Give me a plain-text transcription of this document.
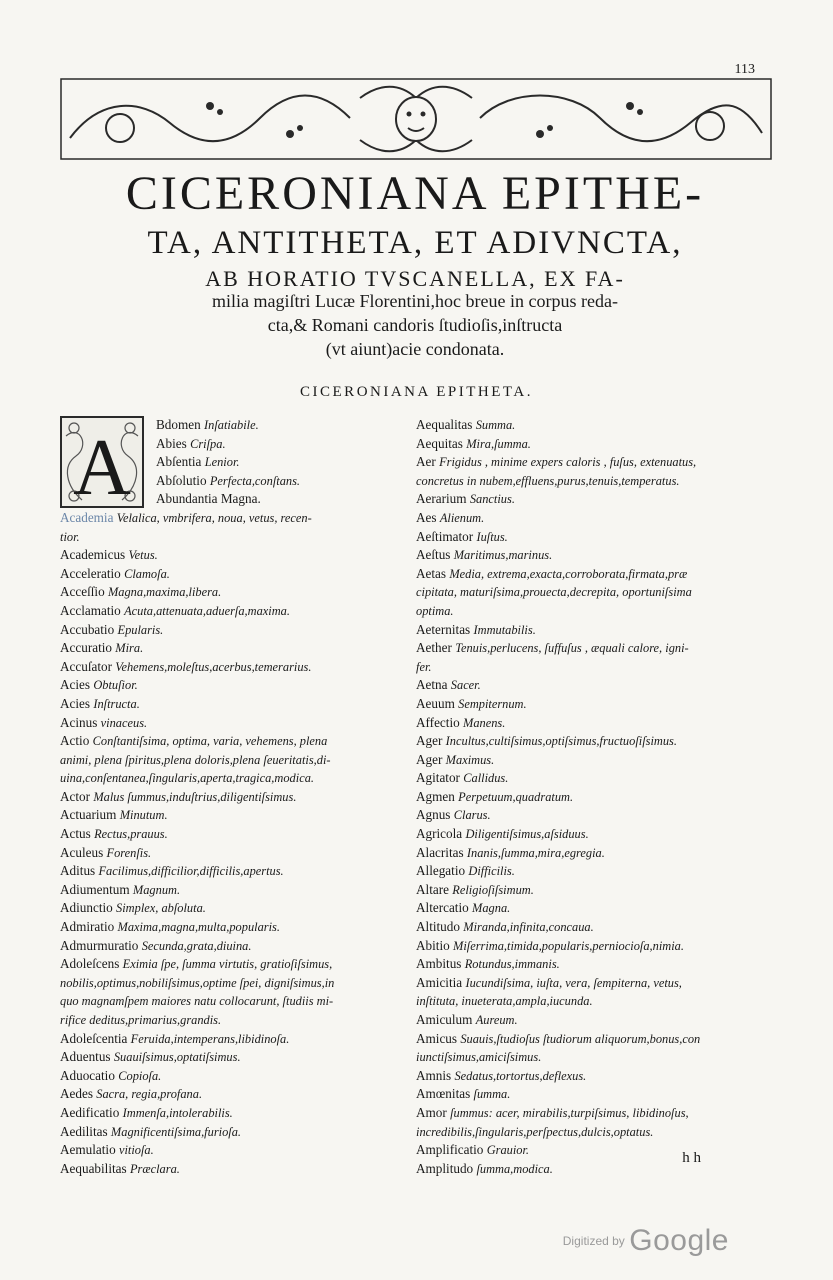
113
CICERONIANA EPITHE-
TA, ANTITHETA, ET ADIVNCTA,
AB HORATIO TVSCANELLA, EX FA-
milia magiſtri Lucæ Florentini,hoc breue in corpus reda-
cta,& Romani candoris ſtudioſis,inſtructa
(vt aiunt)acie condonata.
CICERONIANA EPITHETA.
A Bdomen Inſatiabile.

Abies Criſpa.

Abſentia Lenior.

Abſolutio Perfecta,conſtans.

Abundantia Magna.

Academia Velalica, vmbrifera, noua, vetus, recen-

tior.

Academicus Vetus.

Acceleratio Clamoſa.

Acceſſio Magna,maxima,libera.

Acclamatio Acuta,attenuata,aduerſa,maxima.

Accubatio Epularis.

Accuratio Mira.

Accuſator Vehemens,moleſtus,acerbus,temerarius.

Acies Obtuſior.

Acies Inſtructa.

Acinus vinaceus.

Actio Conſtantiſsima, optima, varia, vehemens, plena

animi, plena ſpiritus,plena doloris,plena ſeueritatis,di-

uina,conſentanea,ſingularis,aperta,tragica,modica.

Actor Malus ſummus,induſtrius,diligentiſsimus.

Actuarium Minutum.

Actus Rectus,prauus.

Aculeus Forenſis.

Aditus Facilimus,difficilior,difficilis,apertus.

Adiumentum Magnum.

Adiunctio Simplex, abſoluta.

Admiratio Maxima,magna,multa,popularis.

Admurmuratio Secunda,grata,diuina.

Adoleſcens Eximia ſpe, ſumma virtutis, gratioſiſsimus,

nobilis,optimus,nobiliſsimus,optime ſpei, digniſsimus,in

quo magnamſpem maiores natu collocarunt, ſtudiis mi-

rifice deditus,primarius,grandis.

Adoleſcentia Feruida,intemperans,libidinoſa.

Aduentus Suauiſsimus,optatiſsimus.

Aduocatio Copioſa.

Aedes Sacra, regia,profana.

Aedificatio Immenſa,intolerabilis.

Aedilitas Magnificentiſsima,furioſa.

Aemulatio vitioſa.

Aequabilitas Præclara.

Aequalitas Summa.

Aequitas Mira,ſumma.

Aer Frigidus , minime expers caloris , fuſus, extenuatus,

concretus in nubem,effluens,purus,tenuis,temperatus.

Aerarium Sanctius.

Aes Alienum.

Aeſtimator Iuſtus.

Aeſtus Maritimus,marinus.

Aetas Media, extrema,exacta,corroborata,firmata,præ

cipitata, maturiſsima,prouecta,decrepita, oportuniſsima

optima.

Aeternitas Immutabilis.

Aether Tenuis,perlucens, ſuffuſus , æquali calore, igni-

fer.

Aetna Sacer.

Aeuum Sempiternum.

Affectio Manens.

Ager Incultus,cultiſsimus,optiſsimus,fructuoſiſsimus.

Ager Maximus.

Agitator Callidus.

Agmen Perpetuum,quadratum.

Agnus Clarus.

Agricola Diligentiſsimus,aſsiduus.

Alacritas Inanis,ſumma,mira,egregia.

Allegatio Difficilis.

Altare Religioſiſsimum.

Altercatio Magna.

Altitudo Miranda,infinita,concaua.

Abitio Miſerrima,timida,popularis,perniocioſa,nimia.

Ambitus Rotundus,immanis.

Amicitia Iucundiſsima, iuſta, vera, ſempiterna, vetus,

inſtituta, inueterata,ampla,iucunda.

Amiculum Aureum.

Amicus Suauis,ſtudioſus ſtudiorum aliquorum,bonus,con

iunctiſsimus,amiciſsimus.

Amnis Sedatus,tortortus,deflexus.

Amœnitas ſumma.

Amor ſummus: acer, mirabilis,turpiſsimus, libidinoſus,

incredibilis,ſingularis,perſpectus,dulcis,optatus.

Amplificatio Grauior.

Amplitudo ſumma,modica.

h h
Digitized by Google
